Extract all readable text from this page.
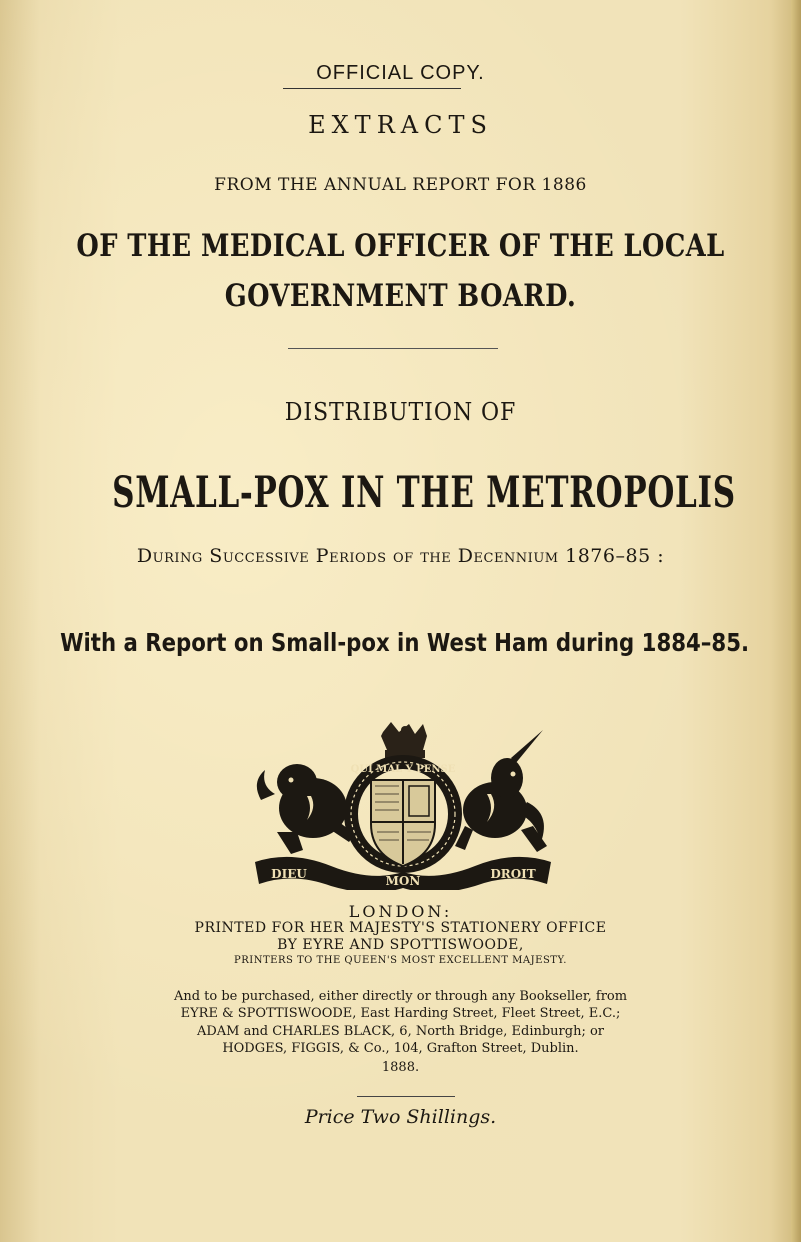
OFFICIAL COPY.
EXTRACTS
FROM THE ANNUAL REPORT FOR 1886
OF THE MEDICAL OFFICER OF THE LOCAL
GOVERNMENT BOARD.
DISTRIBUTION OF
SMALL-POX IN THE METROPOLIS
During Successive Periods of the Decennium 1876–85 :
With a Report on Small-pox in West Ham during 1884–85.
QUI MAL Y PENSE
DIEU	MON	DROIT
LONDON:
PRINTED FOR HER MAJESTY'S STATIONERY OFFICE
BY EYRE AND SPOTTISWOODE,
PRINTERS TO THE QUEEN'S MOST EXCELLENT MAJESTY.
And to be purchased, either directly or through any Bookseller, from
EYRE & SPOTTISWOODE, East Harding Street, Fleet Street, E.C.;
ADAM and CHARLES BLACK, 6, North Bridge, Edinburgh; or
HODGES, FIGGIS, & Co., 104, Grafton Street, Dublin.
1888.
Price Two Shillings.
